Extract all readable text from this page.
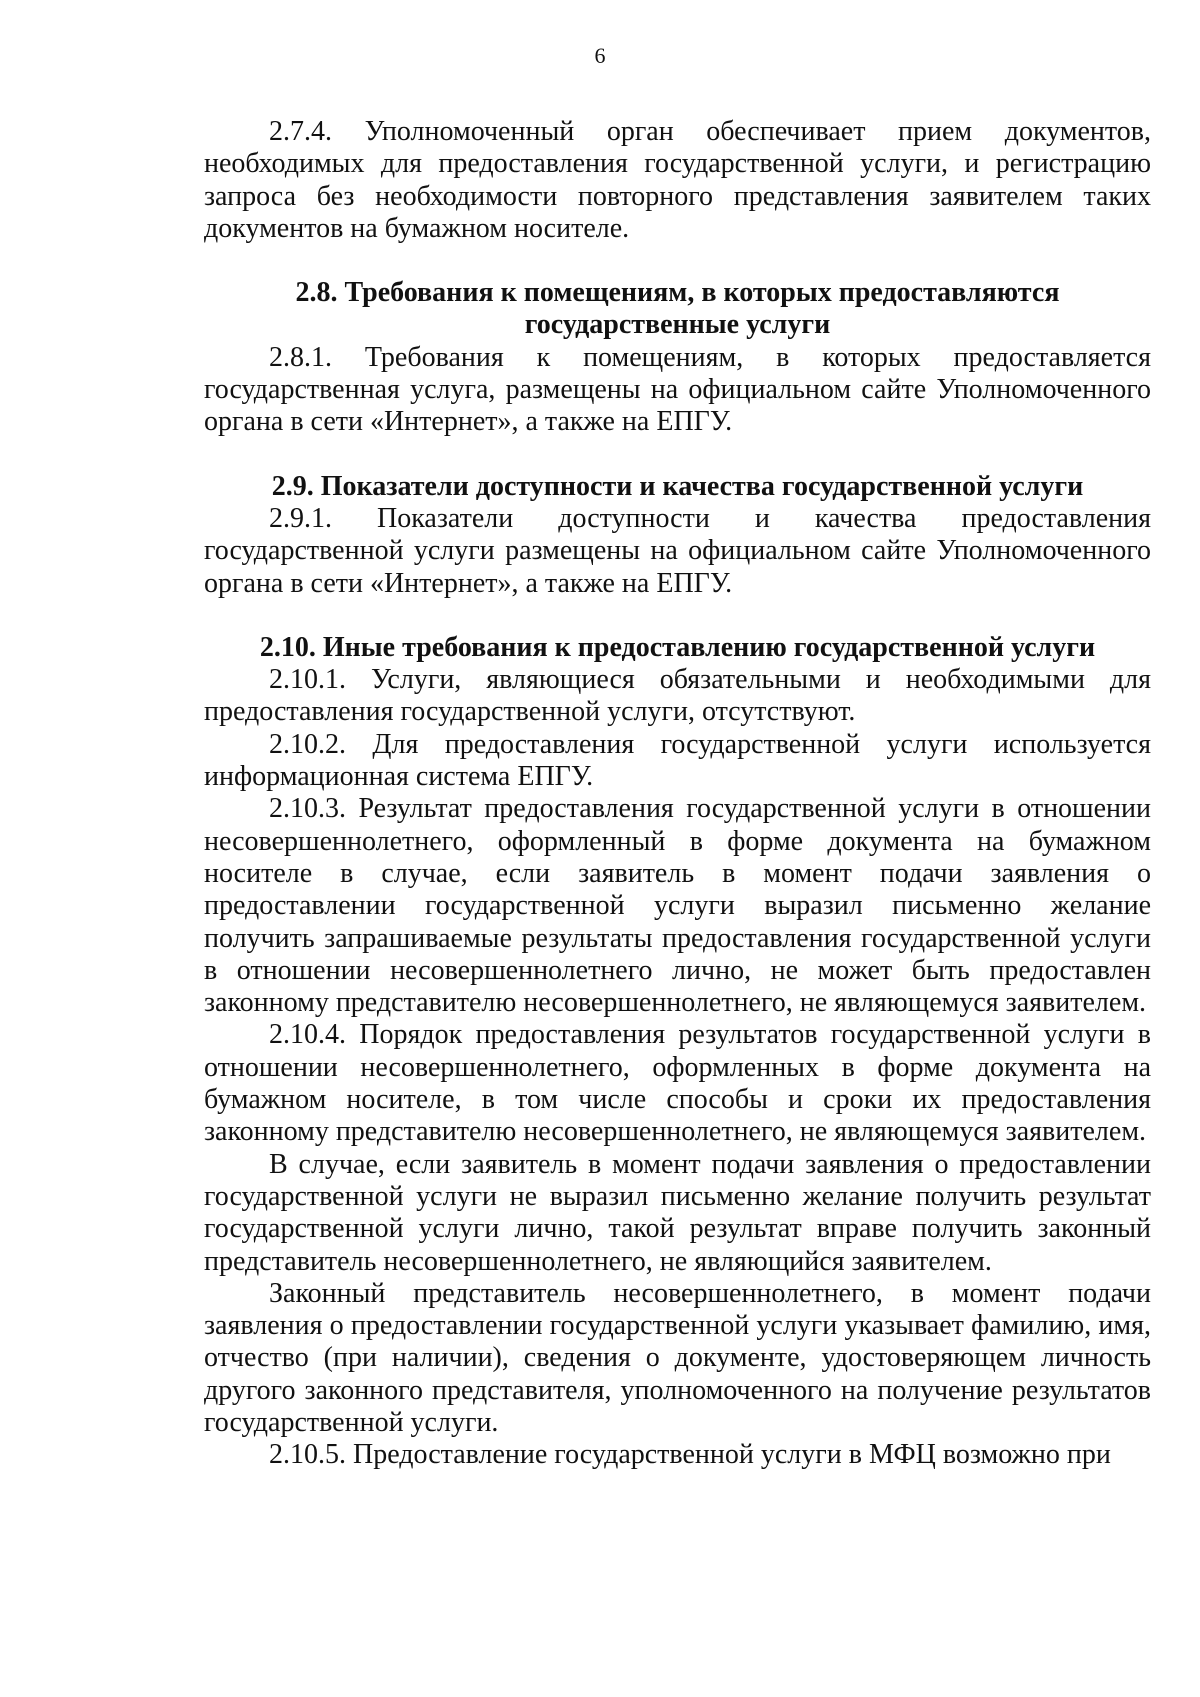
6

2.7.4. Уполномоченный орган обеспечивает прием документов, необходимых для предоставления государственной услуги, и регистрацию запроса без необходимости повторного представления заявителем таких документов на бумажном носителе.

2.8. Требования к помещениям, в которых предоставляются государственные услуги

2.8.1. Требования к помещениям, в которых предоставляется государственная услуга, размещены на официальном сайте Уполномоченного органа в сети «Интернет», а также на ЕПГУ.

2.9. Показатели доступности и качества государственной услуги

2.9.1. Показатели доступности и качества предоставления государственной услуги размещены на официальном сайте Уполномоченного органа в сети «Интернет», а также на ЕПГУ.

2.10. Иные требования к предоставлению государственной услуги

2.10.1. Услуги, являющиеся обязательными и необходимыми для предоставления государственной услуги, отсутствуют.

2.10.2. Для предоставления государственной услуги используется информационная система ЕПГУ.

2.10.3. Результат предоставления государственной услуги в отношении несовершеннолетнего, оформленный в форме документа на бумажном носителе в случае, если заявитель в момент подачи заявления о предоставлении государственной услуги выразил письменно желание получить запрашиваемые результаты предоставления государственной услуги в отношении несовершеннолетнего лично, не может быть предоставлен законному представителю несовершеннолетнего, не являющемуся заявителем.

2.10.4. Порядок предоставления результатов государственной услуги в отношении несовершеннолетнего, оформленных в форме документа на бумажном носителе, в том числе способы и сроки их предоставления законному представителю несовершеннолетнего, не являющемуся заявителем.

В случае, если заявитель в момент подачи заявления о предоставлении государственной услуги не выразил письменно желание получить результат государственной услуги лично, такой результат вправе получить законный представитель несовершеннолетнего, не являющийся заявителем.

Законный представитель несовершеннолетнего, в момент подачи заявления о предоставлении государственной услуги указывает фамилию, имя, отчество (при наличии), сведения о документе, удостоверяющем личность другого законного представителя, уполномоченного на получение результатов государственной услуги.

2.10.5. Предоставление государственной услуги в МФЦ возможно при
